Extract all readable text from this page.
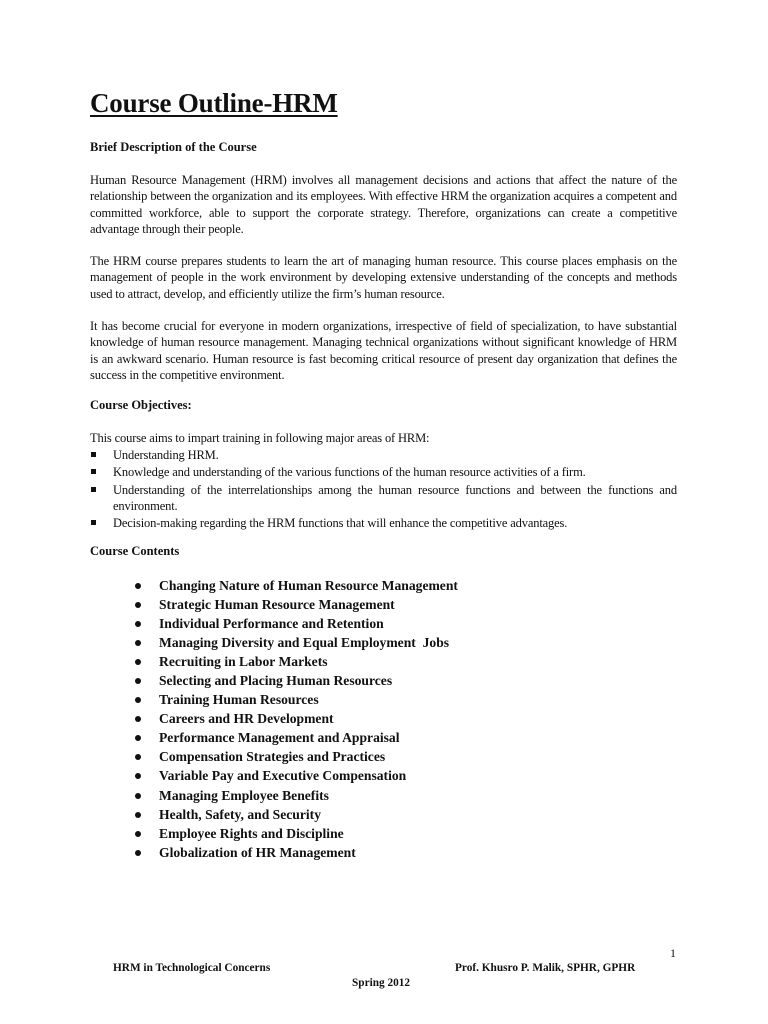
Course Outline-HRM

Brief Description of the Course

Human Resource Management (HRM) involves all management decisions and actions that affect the nature of the relationship between the organization and its employees. With effective HRM the organization acquires a competent and committed workforce, able to support the corporate strategy. Therefore, organizations can create a competitive advantage through their people.

The HRM course prepares students to learn the art of managing human resource. This course places emphasis on the management of people in the work environment by developing extensive understanding of the concepts and methods used to attract, develop, and efficiently utilize the firm’s human resource.

It has become crucial for everyone in modern organizations, irrespective of field of specialization, to have substantial knowledge of human resource management. Managing technical organizations without significant knowledge of HRM is an awkward scenario. Human resource is fast becoming critical resource of present day organization that defines the success in the competitive environment.

Course Objectives:

This course aims to impart training in following major areas of HRM:

Understanding HRM.
Knowledge and understanding of the various functions of the human resource activities of a firm.
Understanding of the interrelationships among the human resource functions and between the functions and environment.
Decision-making regarding the HRM functions that will enhance the competitive advantages.

Course Contents

Changing Nature of Human Resource Management
Strategic Human Resource Management
Individual Performance and Retention
Managing Diversity and Equal Employment  Jobs
Recruiting in Labor Markets
Selecting and Placing Human Resources
Training Human Resources
Careers and HR Development
Performance Management and Appraisal
Compensation Strategies and Practices
Variable Pay and Executive Compensation
Managing Employee Benefits
Health, Safety, and Security
Employee Rights and Discipline
Globalization of HR Management
1
HRM in Technological Concerns	Prof. Khusro P. Malik, SPHR, GPHR
Spring 2012
